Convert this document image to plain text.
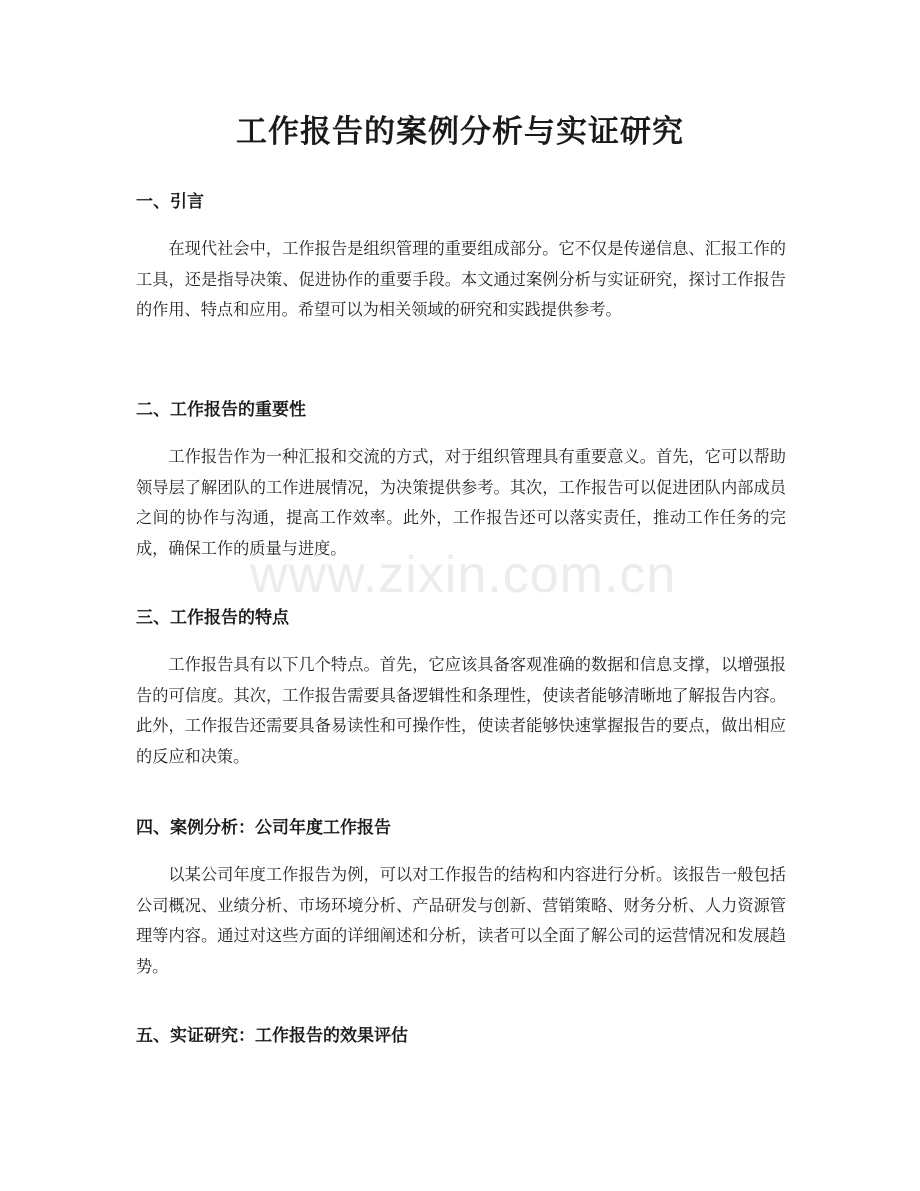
工作报告的案例分析与实证研究
一、引言

在现代社会中，工作报告是组织管理的重要组成部分。它不仅是传递信息、汇报工作的工具，还是指导决策、促进协作的重要手段。本文通过案例分析与实证研究，探讨工作报告的作用、特点和应用。希望可以为相关领域的研究和实践提供参考。

二、工作报告的重要性

工作报告作为一种汇报和交流的方式，对于组织管理具有重要意义。首先，它可以帮助领导层了解团队的工作进展情况，为决策提供参考。其次，工作报告可以促进团队内部成员之间的协作与沟通，提高工作效率。此外，工作报告还可以落实责任，推动工作任务的完成，确保工作的质量与进度。

三、工作报告的特点

工作报告具有以下几个特点。首先，它应该具备客观准确的数据和信息支撑，以增强报告的可信度。其次，工作报告需要具备逻辑性和条理性，使读者能够清晰地了解报告内容。此外，工作报告还需要具备易读性和可操作性，使读者能够快速掌握报告的要点，做出相应的反应和决策。

四、案例分析：公司年度工作报告

以某公司年度工作报告为例，可以对工作报告的结构和内容进行分析。该报告一般包括公司概况、业绩分析、市场环境分析、产品研发与创新、营销策略、财务分析、人力资源管理等内容。通过对这些方面的详细阐述和分析，读者可以全面了解公司的运营情况和发展趋势。

五、实证研究：工作报告的效果评估
www.zixin.com.cn
